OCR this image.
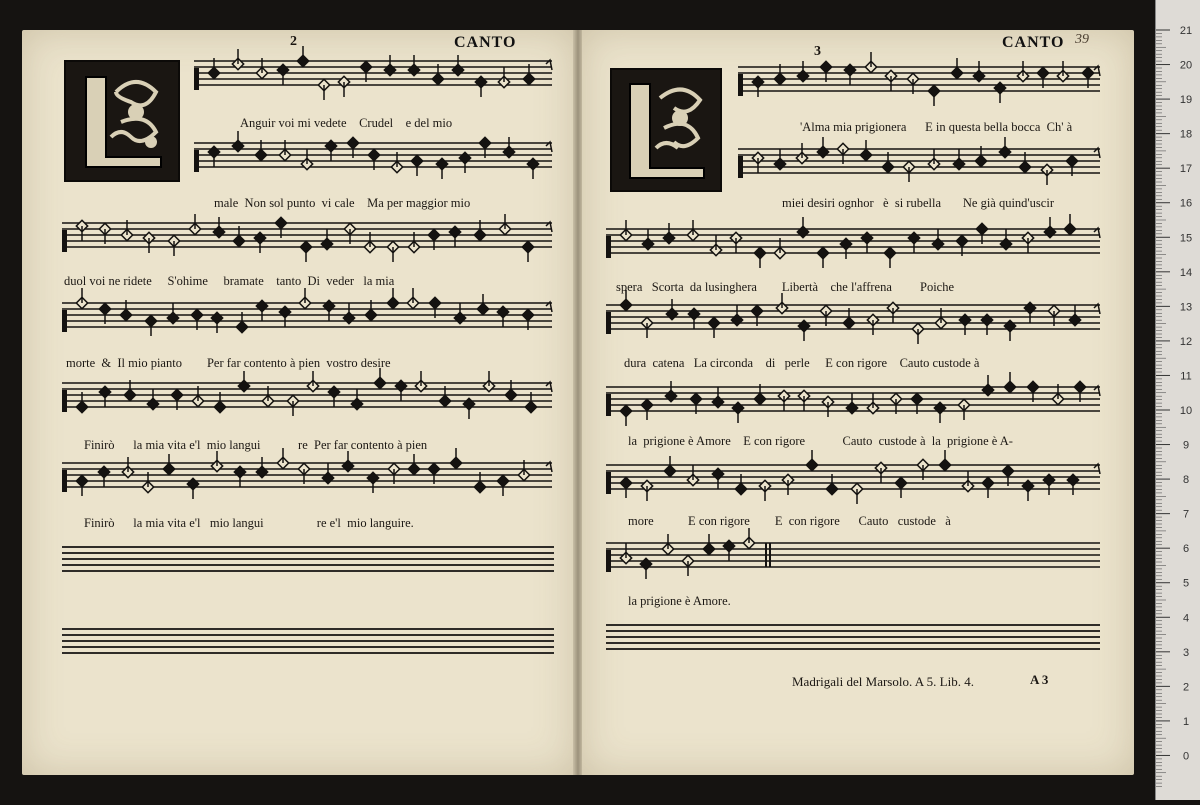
2	CANTO
Anguir voi mi vedete    Crudel    e del mio
male  Non sol punto  vi cale    Ma per maggior mio
duol voi ne ridete     S'ohime     bramate    tanto  Di  veder   la mia
morte  &  Il mio pianto        Per far contento à pien  vostro desire
Finirò      la mia vita e'l  mio langui            re  Per far contento à pien
Finirò      la mia vita e'l   mio langui                 re e'l  mio languire.
3
CANTO 39
'Alma mia prigionera      E in questa bella bocca  Ch' à
miei desiri ognhor   è  si rubella       Ne già quind'uscir
spera   Scorta  da lusinghera        Libertà    che l'affrena         Poiche
dura  catena   La circonda    di   perle     E con rigore    Cauto custode à
la  prigione è Amore    E con rigore            Cauto  custode à  la  prigione è A-
more           E con rigore        E  con rigore      Cauto   custode   à
la prigione è Amore.
Madrigali del Marsolo. A 5. Lib. 4.	A 3
21
20
19
18
17
16
15
14
13
12
11
10
9
8
7
6
5
4
3
2
1
0
